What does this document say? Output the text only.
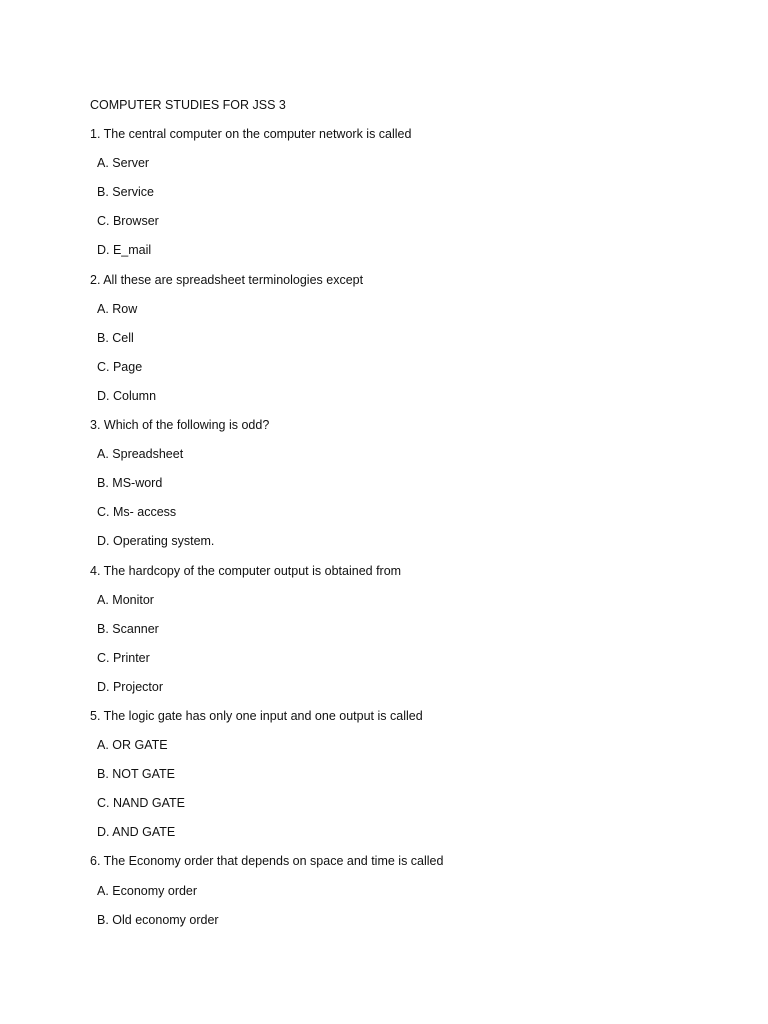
COMPUTER STUDIES FOR JSS 3
1. The central computer on the computer network is called
A. Server
B. Service
C. Browser
D. E_mail
2. All these are spreadsheet terminologies except
A. Row
B. Cell
C. Page
D. Column
3. Which of the following is odd?
A. Spreadsheet
B. MS-word
C. Ms- access
D. Operating system.
4. The hardcopy of the computer output is obtained from
A. Monitor
B. Scanner
C. Printer
D. Projector
5. The logic gate has only one input and one output is called
A. OR GATE
B. NOT GATE
C. NAND GATE
D. AND GATE
6. The Economy order that depends on space and time is called
A. Economy order
B. Old economy order
